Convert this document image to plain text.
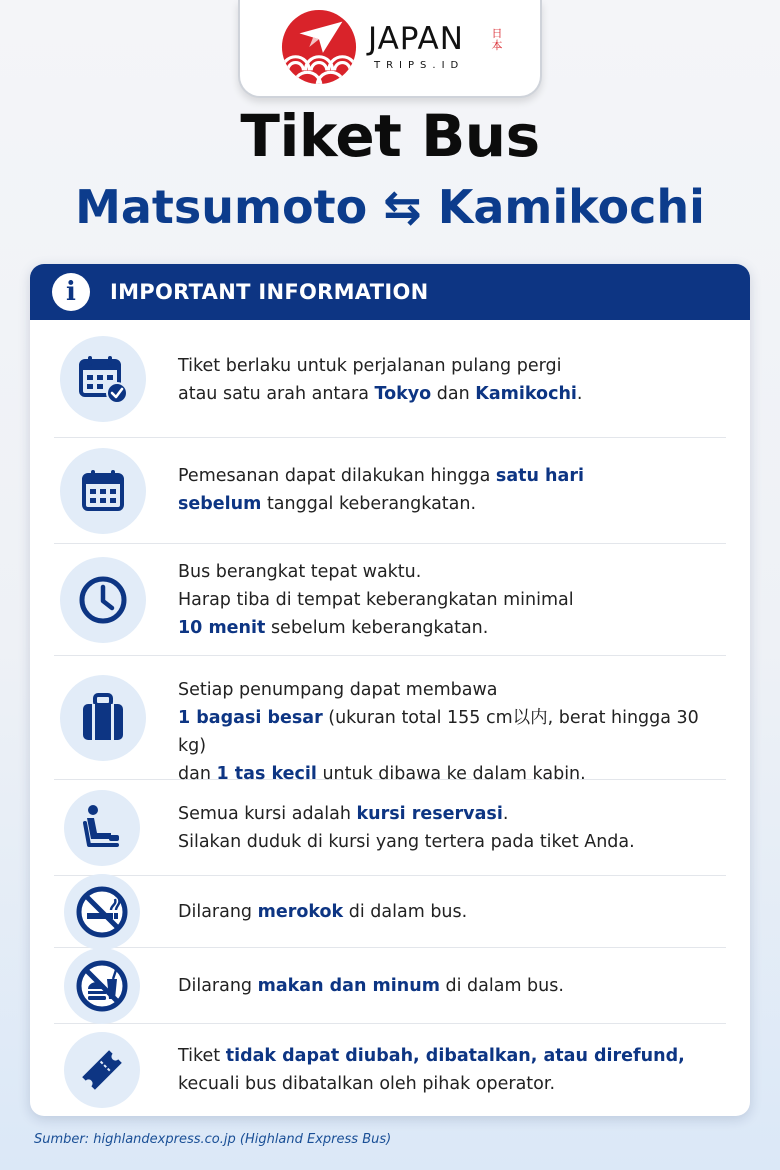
JAPAN	日本
TRIPS.ID
Tiket Bus
Matsumoto ⇆ Kamikochi
i	IMPORTANT INFORMATION
Tiket berlaku untuk perjalanan pulang pergi
atau satu arah antara Tokyo dan Kamikochi.
Pemesanan dapat dilakukan hingga satu hari
sebelum tanggal keberangkatan.
Bus berangkat tepat waktu.
Harap tiba di tempat keberangkatan minimal
10 menit sebelum keberangkatan.
Setiap penumpang dapat membawa
1 bagasi besar (ukuran total 155 cm以内, berat hingga 30 kg)
dan 1 tas kecil untuk dibawa ke dalam kabin.
Semua kursi adalah kursi reservasi.
Silakan duduk di kursi yang tertera pada tiket Anda.
Dilarang merokok di dalam bus.
Dilarang makan dan minum di dalam bus.
Tiket tidak dapat diubah, dibatalkan, atau direfund,
kecuali bus dibatalkan oleh pihak operator.
Sumber: highlandexpress.co.jp (Highland Express Bus)
